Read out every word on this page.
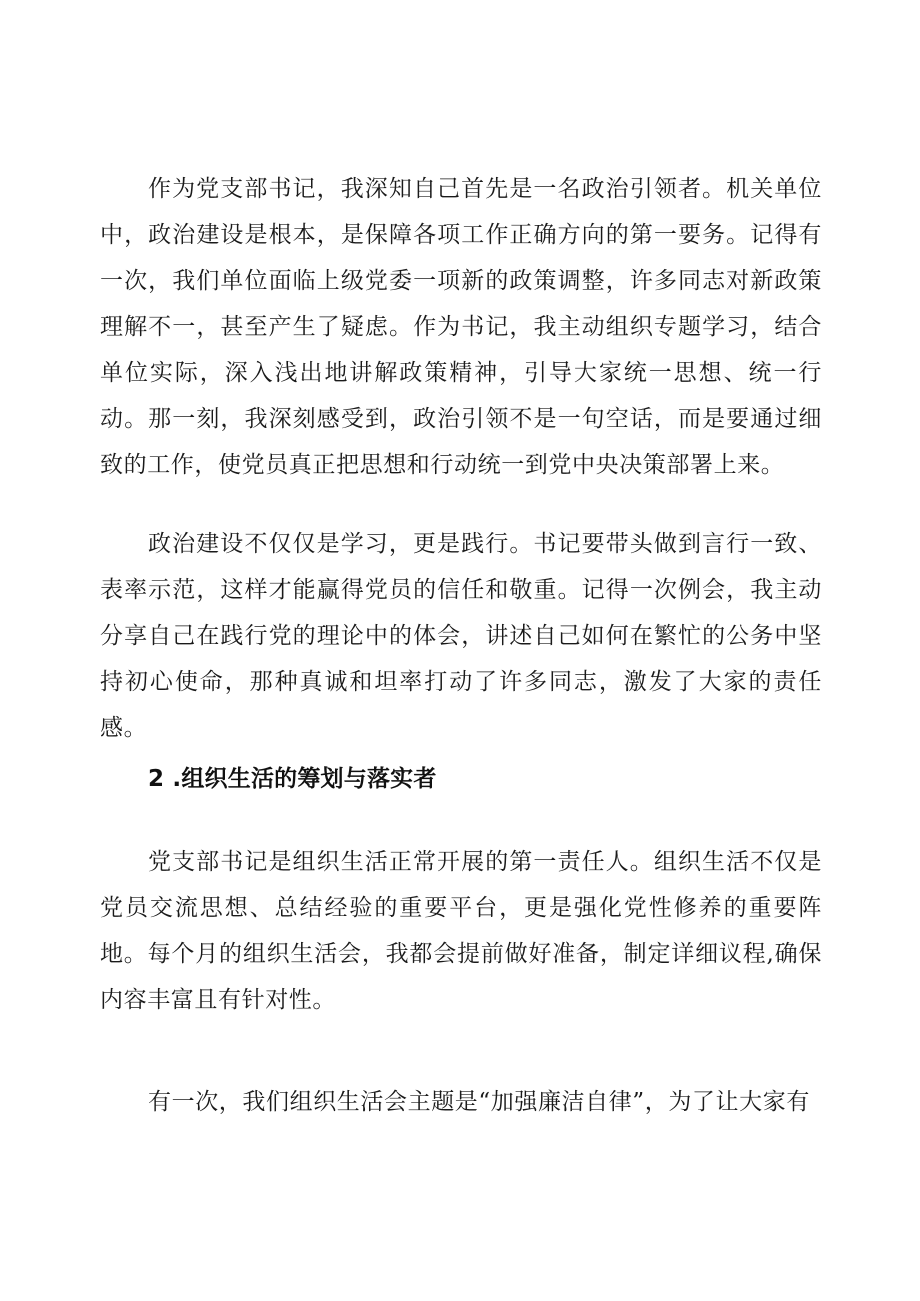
作为党支部书记，我深知自己首先是一名政治引领者。机关单位中，政治建设是根本，是保障各项工作正确方向的第一要务。记得有一次，我们单位面临上级党委一项新的政策调整，许多同志对新政策理解不一，甚至产生了疑虑。作为书记，我主动组织专题学习，结合单位实际，深入浅出地讲解政策精神，引导大家统一思想、统一行动。那一刻，我深刻感受到，政治引领不是一句空话，而是要通过细致的工作，使党员真正把思想和行动统一到党中央决策部署上来。

政治建设不仅仅是学习，更是践行。书记要带头做到言行一致、表率示范，这样才能赢得党员的信任和敬重。记得一次例会，我主动分享自己在践行党的理论中的体会，讲述自己如何在繁忙的公务中坚持初心使命，那种真诚和坦率打动了许多同志，激发了大家的责任感。

2 .组织生活的筹划与落实者

党支部书记是组织生活正常开展的第一责任人。组织生活不仅是党员交流思想、总结经验的重要平台，更是强化党性修养的重要阵地。每个月的组织生活会，我都会提前做好准备，制定详细议程,确保内容丰富且有针对性。

有一次，我们组织生活会主题是“加强廉洁自律”，为了让大家有
